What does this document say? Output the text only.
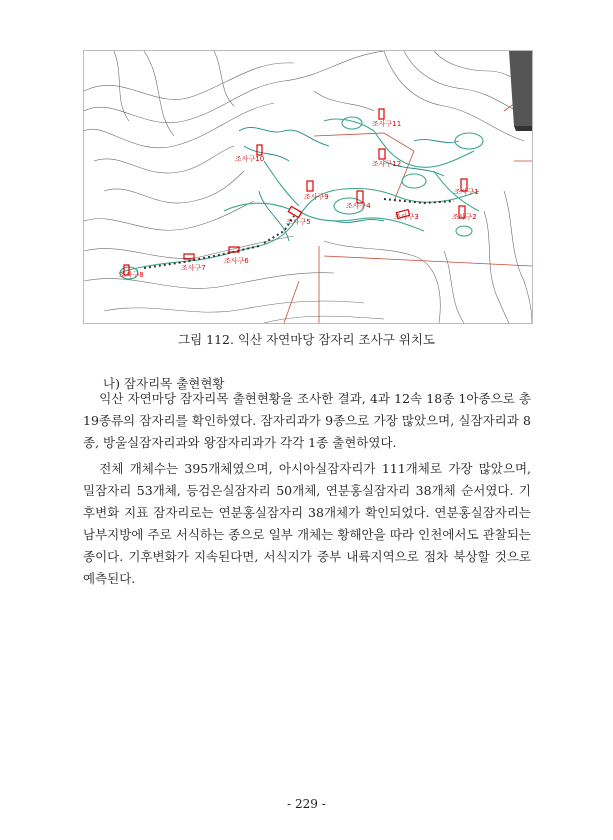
조사구1
조사구2
조사구3
조사구4
조사구5
조사구6
조사구7
조사구8
조사구9
조사구10
조사구11
조사구12
그림 112. 익산 자연마당 잠자리 조사구 위치도
나) 잠자리목 출현현황

익산 자연마당 잠자리목 출현현황을 조사한 결과, 4과 12속 18종 1아종으로 총19종류의 잠자리를 확인하였다. 잠자리과가 9종으로 가장 많았으며, 실잠자리과 8종, 방울실잠자리과와 왕잠자리과가 각각 1종 출현하였다.

전체 개체수는 395개체였으며, 아시아실잠자리가 111개체로 가장 많았으며, 밀잠자리 53개체, 등검은실잠자리 50개체, 연분홍실잠자리 38개체 순서였다. 기후변화 지표 잠자리로는 연분홍실잠자리 38개체가 확인되었다. 연분홍실잠자리는 남부지방에 주로 서식하는 종으로 일부 개체는 황해안을 따라 인천에서도 관찰되는 종이다. 기후변화가 지속된다면, 서식지가 중부 내륙지역으로 점차 북상할 것으로 예측된다.

- 229 -
